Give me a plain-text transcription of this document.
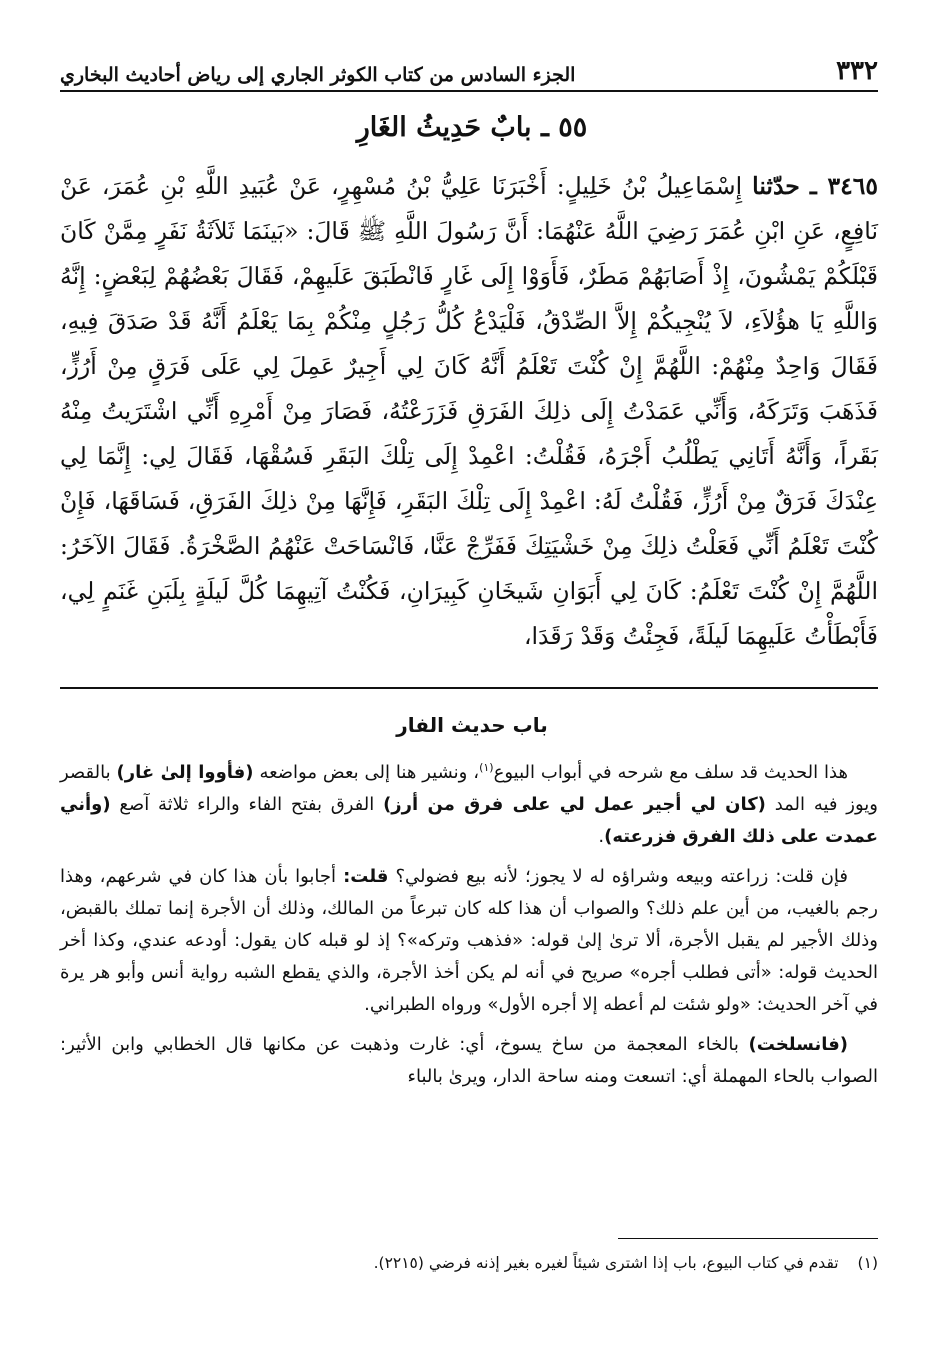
٣٣٢
الجزء السادس من كتاب الكوثر الجاري إلى رياض أحاديث البخاري
٥٥ ـ بابٌ حَدِيثُ الغَارِ
٣٤٦٥ ـ حدّثنا إِسْمَاعِيلُ بْنُ خَلِيلٍ: أَخْبَرَنَا عَلِيُّ بْنُ مُسْهِرٍ، عَنْ عُبَيدِ اللَّهِ بْنِ عُمَرَ، عَنْ نَافِعٍ، عَنِ ابْنِ عُمَرَ رَضِيَ اللَّهُ عَنْهُمَا: أَنَّ رَسُولَ اللَّهِ ﷺ قَالَ: «بَينَمَا ثَلاَثَةُ نَفَرٍ مِمَّنْ كَانَ قَبْلَكُمْ يَمْشُونَ، إِذْ أَصَابَهُمْ مَطَرٌ، فَأَوَوْا إِلَى غَارٍ فَانْطَبَقَ عَلَيهِمْ، فَقَالَ بَعْضُهُمْ لِبَعْضٍ: إِنَّهُ وَاللَّهِ يَا هؤُلاَءِ، لاَ يُنْجِيكُمْ إِلاَّ الصِّدْقُ، فَلْيَدْعُ كُلُّ رَجُلٍ مِنْكُمْ بِمَا يَعْلَمُ أَنَّهُ قَدْ صَدَقَ فِيهِ، فَقَالَ وَاحِدٌ مِنْهُمْ: اللَّهُمَّ إِنْ كُنْتَ تَعْلَمُ أَنَّهُ كَانَ لِي أَجِيرٌ عَمِلَ لِي عَلَى فَرَقٍ مِنْ أَرُزٍّ، فَذَهَبَ وَتَرَكَهُ، وَأَنِّي عَمَدْتُ إِلَى ذلِكَ الفَرَقِ فَزَرَعْتُهُ، فَصَارَ مِنْ أَمْرِهِ أَنِّي اشْتَرَيتُ مِنْهُ بَقَراً، وَأَنَّهُ أَتَانِي يَطْلُبُ أَجْرَهُ، فَقُلْتُ: اعْمِدْ إِلَى تِلْكَ البَقَرِ فَسُقْهَا، فَقَالَ لِي: إِنَّمَا لِي عِنْدَكَ فَرَقٌ مِنْ أَرُزٍّ، فَقُلْتُ لَهُ: اعْمِدْ إِلَى تِلْكَ البَقَرِ، فَإِنَّهَا مِنْ ذلِكَ الفَرَقِ، فَسَاقَهَا، فَإِنْ كُنْتَ تَعْلَمُ أَنِّي فَعَلْتُ ذلِكَ مِنْ خَشْيَتِكَ فَفَرِّجْ عَنَّا، فَانْسَاحَتْ عَنْهُمُ الصَّخْرَةُ. فَقَالَ الآخَرُ: اللَّهُمَّ إِنْ كُنْتَ تَعْلَمُ: كَانَ لِي أَبَوَانِ شَيخَانِ كَبِيرَانِ، فَكُنْتُ آتِيهِمَا كُلَّ لَيلَةٍ بِلَبَنِ غَنَمٍ لِي، فَأَبْطَأْتُ عَلَيهِمَا لَيلَةً، فَجِئْتُ وَقَدْ رَقَدَا،
باب حديث الفار

هذا الحديث قد سلف مع شرحه في أبواب البيوع$^{(١)}$، ونشير هنا إلى بعض مواضعه (فأووا إلىٰ غار) بالقصر ويوز فيه المد (كان لي أجير عمل لي على فرق من أرز) الفرق بفتح الفاء والراء ثلاثة آصع (وأني عمدت على ذلك الفرق فزرعته).

فإن قلت: زراعته وبيعه وشراؤه له لا يجوز؛ لأنه بيع فضولي؟ قلت: أجابوا بأن هذا كان في شرعهم، وهذا رجم بالغيب، من أين علم ذلك؟ والصواب أن هذا كله كان تبرعاً من المالك، وذلك أن الأجرة إنما تملك بالقبض، وذلك الأجير لم يقبل الأجرة، ألا ترىٰ إلىٰ قوله: «فذهب وتركه»؟ إذ لو قبله كان يقول: أودعه عندي، وكذا أخر الحديث قوله: «أتى فطلب أجره» صريح في أنه لم يكن أخذ الأجرة، والذي يقطع الشبه رواية أنس وأبو هر يرة في آخر الحديث: «ولو شئت لم أعطه إلا أجره الأول» ورواه الطبراني.

(فانسلخت) بالخاء المعجمة من ساخ يسوخ، أي: غارت وذهبت عن مكانها قال الخطابي وابن الأثير: الصواب بالحاء المهملة أي: اتسعت ومنه ساحة الدار، ويرىٰ بالباء

(١) تقدم في كتاب البيوع، باب إذا اشترى شيئاً لغيره بغير إذنه فرضي (٢٢١٥).
